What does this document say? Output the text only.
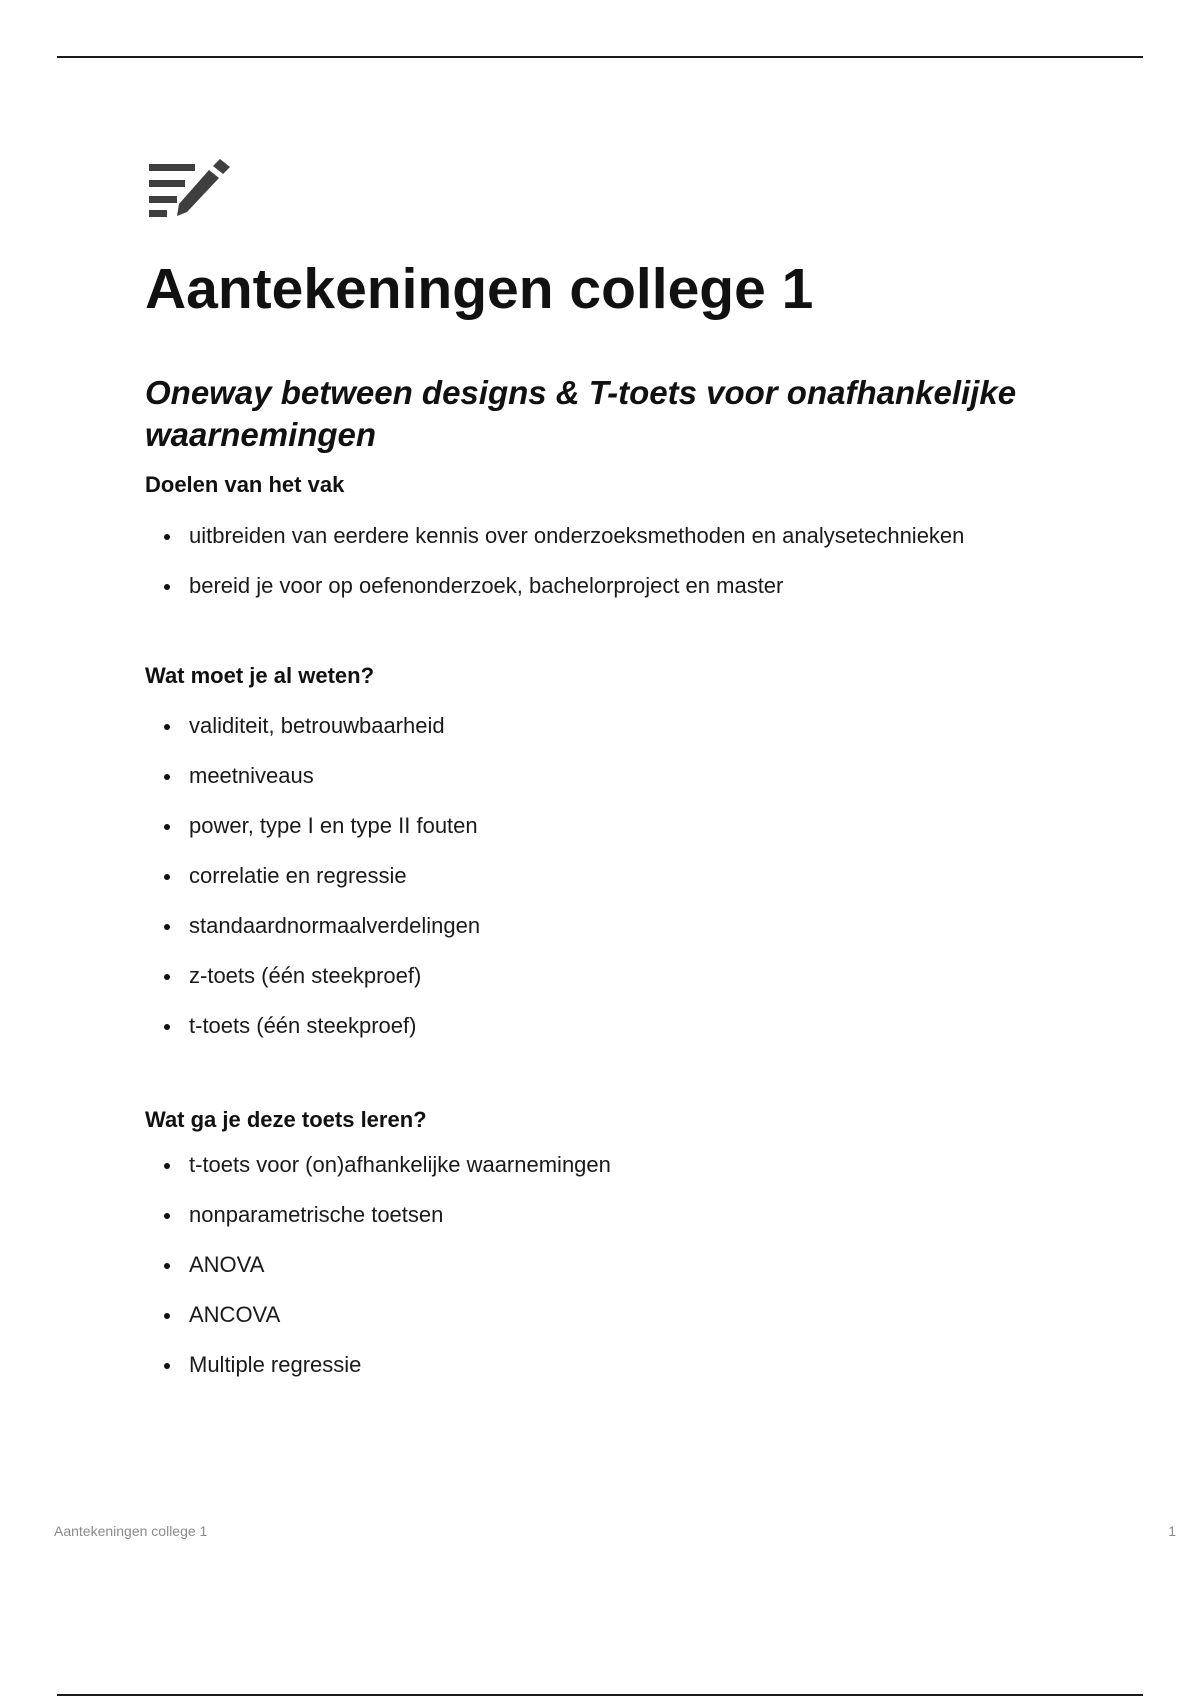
Aantekeningen college 1
Oneway between designs & T-toets voor onafhankelijke waarnemingen
Doelen van het vak
uitbreiden van eerdere kennis over onderzoeksmethoden en analysetechnieken
bereid je voor op oefenonderzoek, bachelorproject en master
Wat moet je al weten?
validiteit, betrouwbaarheid
meetniveaus
power, type I en type II fouten
correlatie en regressie
standaardnormaalverdelingen
z-toets (één steekproef)
t-toets (één steekproef)
Wat ga je deze toets leren?
t-toets voor (on)afhankelijke waarnemingen
nonparametrische toetsen
ANOVA
ANCOVA
Multiple regressie
Aantekeningen college 1	1
